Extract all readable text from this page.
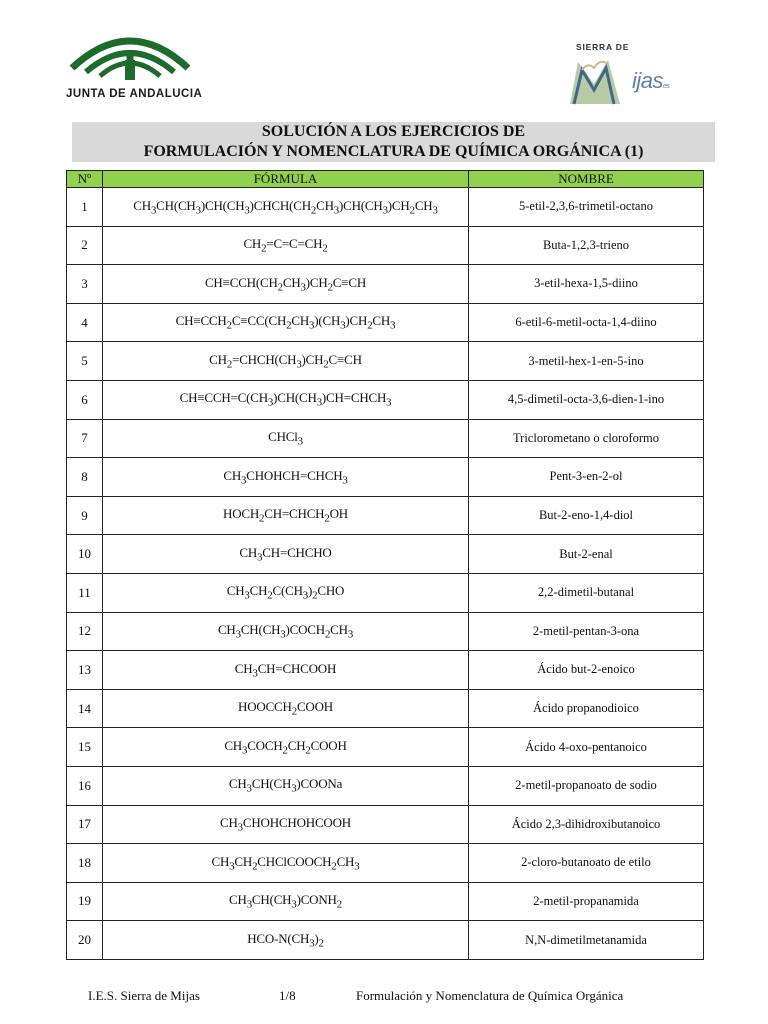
JUNTA DE ANDALUCIA
SIERRA DE
ijases
SOLUCIÓN A LOS EJERCICIOS DE
FORMULACIÓN Y NOMENCLATURA DE QUÍMICA ORGÁNICA (1)
Nº	FÓRMULA	NOMBRE
1	$CH_3CH(CH_3)CH(CH_3)CHCH(CH_2CH_3)CH(CH_3)CH_2CH_3$	5-etil-2,3,6-trimetil-octano
2	$CH_2=C=C=CH_2$	Buta-1,2,3-trieno
3	$CH\equiv CCH(CH_2CH_3)CH_2C\equiv CH$	3-etil-hexa-1,5-diino
4	$CH\equiv CCH_2C\equiv CC(CH_2CH_3)(CH_3)CH_2CH_3$	6-etil-6-metil-octa-1,4-diino
5	$CH_2=CHCH(CH_3)CH_2C\equiv CH$	3-metil-hex-1-en-5-ino
6	$CH\equiv CCH=C(CH_3)CH(CH_3)CH=CHCH_3$	4,5-dimetil-octa-3,6-dien-1-ino
7	CHCl$_3$	Triclorometano o cloroformo
8	$CH_3CHOHCH=CHCH_3$	Pent-3-en-2-ol
9	$HOCH_2CH=CHCH_2OH$	But-2-eno-1,4-diol
10	$CH_3CH=CHCHO$	But-2-enal
11	$CH_3CH_2C(CH_3)_2CHO$	2,2-dimetil-butanal
12	$CH_3CH(CH_3)COCH_2CH_3$	2-metil-pentan-3-ona
13	$CH_3CH=CHCOOH$	Ácido but-2-enoico
14	$HOOCCH_2COOH$	Ácido propanodioico
15	$CH_3COCH_2CH_2COOH$	Ácido 4-oxo-pentanoico
16	$CH_3CH(CH_3)COONa$	2-metil-propanoato de sodio
17	$CH_3CHOHCHOHCOOH$	Ácido 2,3-dihidroxibutanoico
18	$CH_3CH_2CHClCOOCH_2CH_3$	2-cloro-butanoato de etilo
19	$CH_3CH(CH_3)CONH_2$	2-metil-propanamida
20	HCO-$N(CH_3)_2$	N,N-dimetilmetanamida
I.E.S. Sierra de Mijas	1/8	Formulación y Nomenclatura de Química Orgánica
